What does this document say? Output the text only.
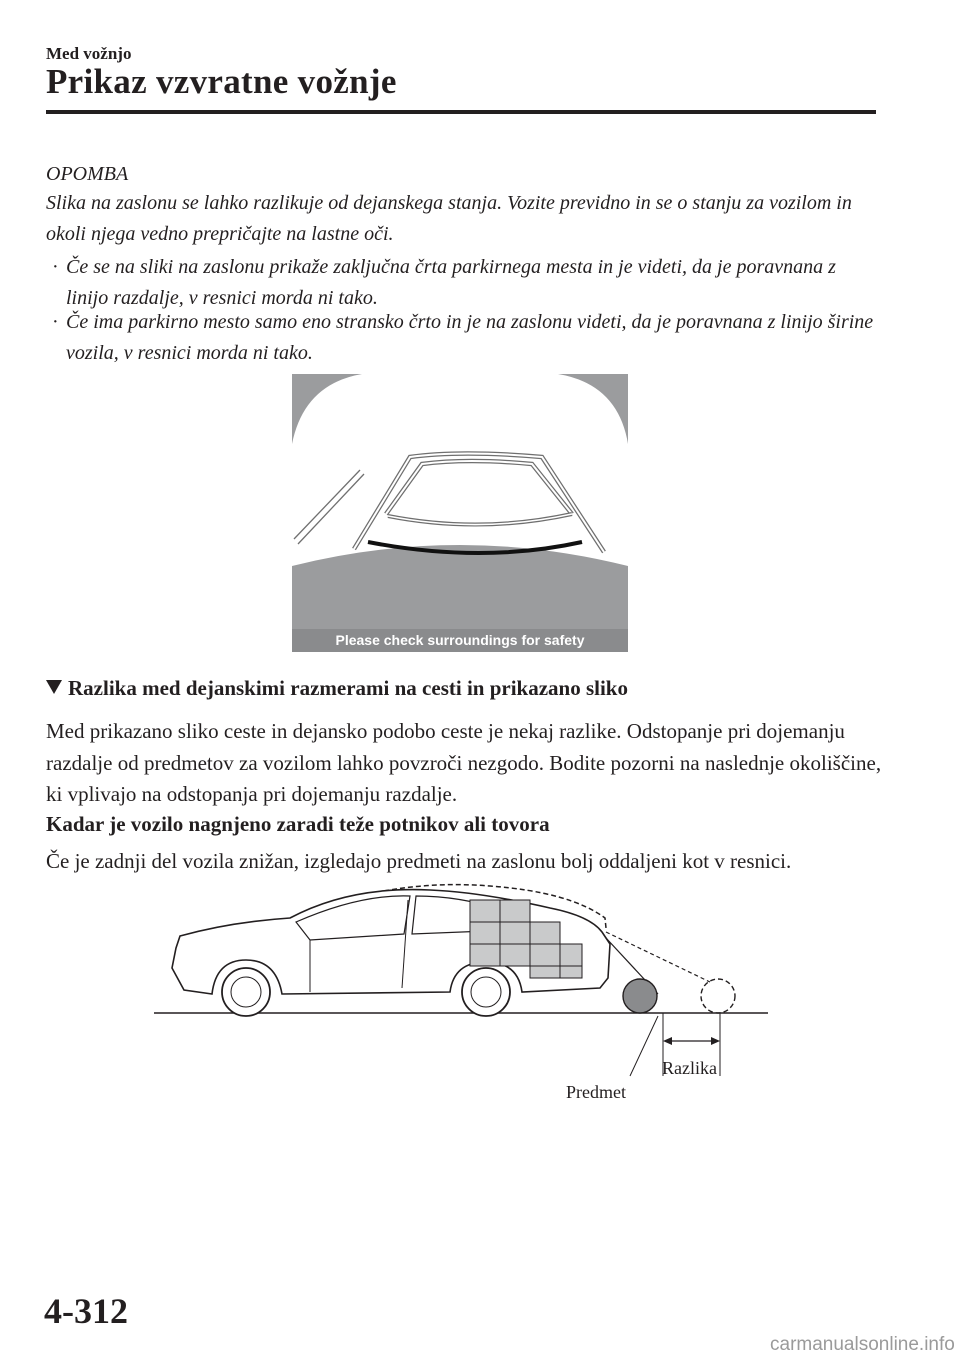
Med vožnjo
Prikaz vzvratne vožnje
OPOMBA

Slika na zaslonu se lahko razlikuje od dejanskega stanja. Vozite previdno in se o stanju za vozilom in okoli njega vedno prepričajte na lastne oči.

· Če se na sliki na zaslonu prikaže zaključna črta parkirnega mesta in je videti, da je poravnana z linijo razdalje, v resnici morda ni tako.
· Če ima parkirno mesto samo eno stransko črto in je na zaslonu videti, da je poravnana z linijo širine vozila, v resnici morda ni tako.
Please check surroundings for safety
Razlika med dejanskimi razmerami na cesti in prikazano sliko

Med prikazano sliko ceste in dejansko podobo ceste je nekaj razlike. Odstopanje pri dojemanju razdalje od predmetov za vozilom lahko povzroči nezgodo. Bodite pozorni na naslednje okoliščine, ki vplivajo na odstopanja pri dojemanju razdalje.

Kadar je vozilo nagnjeno zaradi teže potnikov ali tovora

Če je zadnji del vozila znižan, izgledajo predmeti na zaslonu bolj oddaljeni kot v resnici.

Razlika
Predmet
4-312
carmanualsonline.info
